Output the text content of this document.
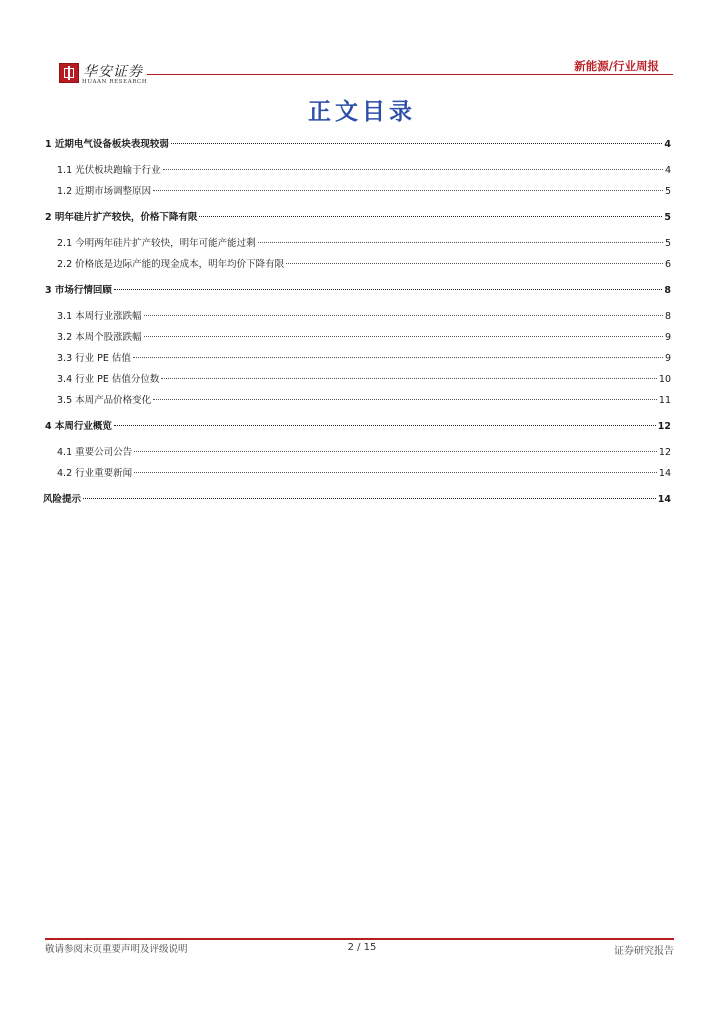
华安证券
HUAAN RESEARCH
新能源/行业周报
正文目录
1 近期电气设备板块表现较弱	4
1.1 光伏板块跑输于行业	4
1.2 近期市场调整原因	5
2 明年硅片扩产较快，价格下降有限	5
2.1 今明两年硅片扩产较快，明年可能产能过剩	5
2.2 价格底是边际产能的现金成本，明年均价下降有限	6
3 市场行情回顾	8
3.1 本周行业涨跌幅	8
3.2 本周个股涨跌幅	9
3.3 行业 PE 估值	9
3.4 行业 PE 估值分位数	10
3.5 本周产品价格变化	11
4 本周行业概览	12
4.1 重要公司公告	12
4.2 行业重要新闻	14
风险提示	14
敬请参阅末页重要声明及评级说明	2 / 15	证券研究报告
